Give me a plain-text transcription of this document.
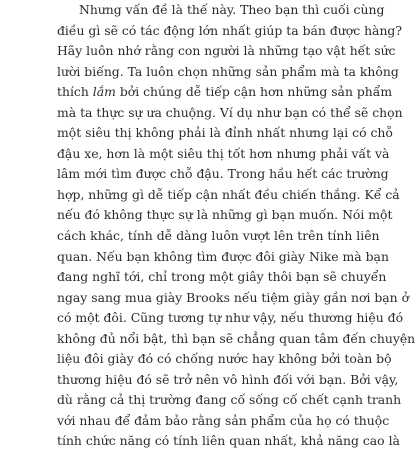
Nhưng vấn đề là thế này. Theo bạn thì cuối cùng
điều gì sẽ có tác động lớn nhất giúp ta bán được hàng?
Hãy luôn nhớ rằng con người là những tạo vật hết sức
lười biếng. Ta luôn chọn những sản phẩm mà ta không
thích lắm bởi chúng dễ tiếp cận hơn những sản phẩm
mà ta thực sự ưa chuộng. Ví dụ như bạn có thể sẽ chọn
một siêu thị không phải là đỉnh nhất nhưng lại có chỗ
đậu xe, hơn là một siêu thị tốt hơn nhưng phải vất và
lâm mới tìm được chỗ đậu. Trong hầu hết các trường
hợp, những gì dễ tiếp cận nhất đều chiến thắng. Kể cả
nếu đó không thực sự là những gì bạn muốn. Nói một
cách khác, tính dễ dàng luôn vượt lên trên tính liên
quan. Nếu bạn không tìm được đôi giày Nike mà bạn
đang nghĩ tới, chỉ trong một giây thôi bạn sẽ chuyển
ngay sang mua giày Brooks nếu tiệm giày gần nơi bạn ở
có một đôi. Cũng tương tự như vậy, nếu thương hiệu đó
không đủ nổi bật, thì bạn sẽ chẳng quan tâm đến chuyện
liệu đôi giày đó có chống nước hay không bởi toàn bộ
thương hiệu đó sẽ trở nên vô hình đối với bạn. Bởi vậy,
dù rằng cả thị trường đang cố sống cố chết cạnh tranh
với nhau để đảm bảo rằng sản phẩm của họ có thuộc
tính chức năng có tính liên quan nhất, khả năng cao là
